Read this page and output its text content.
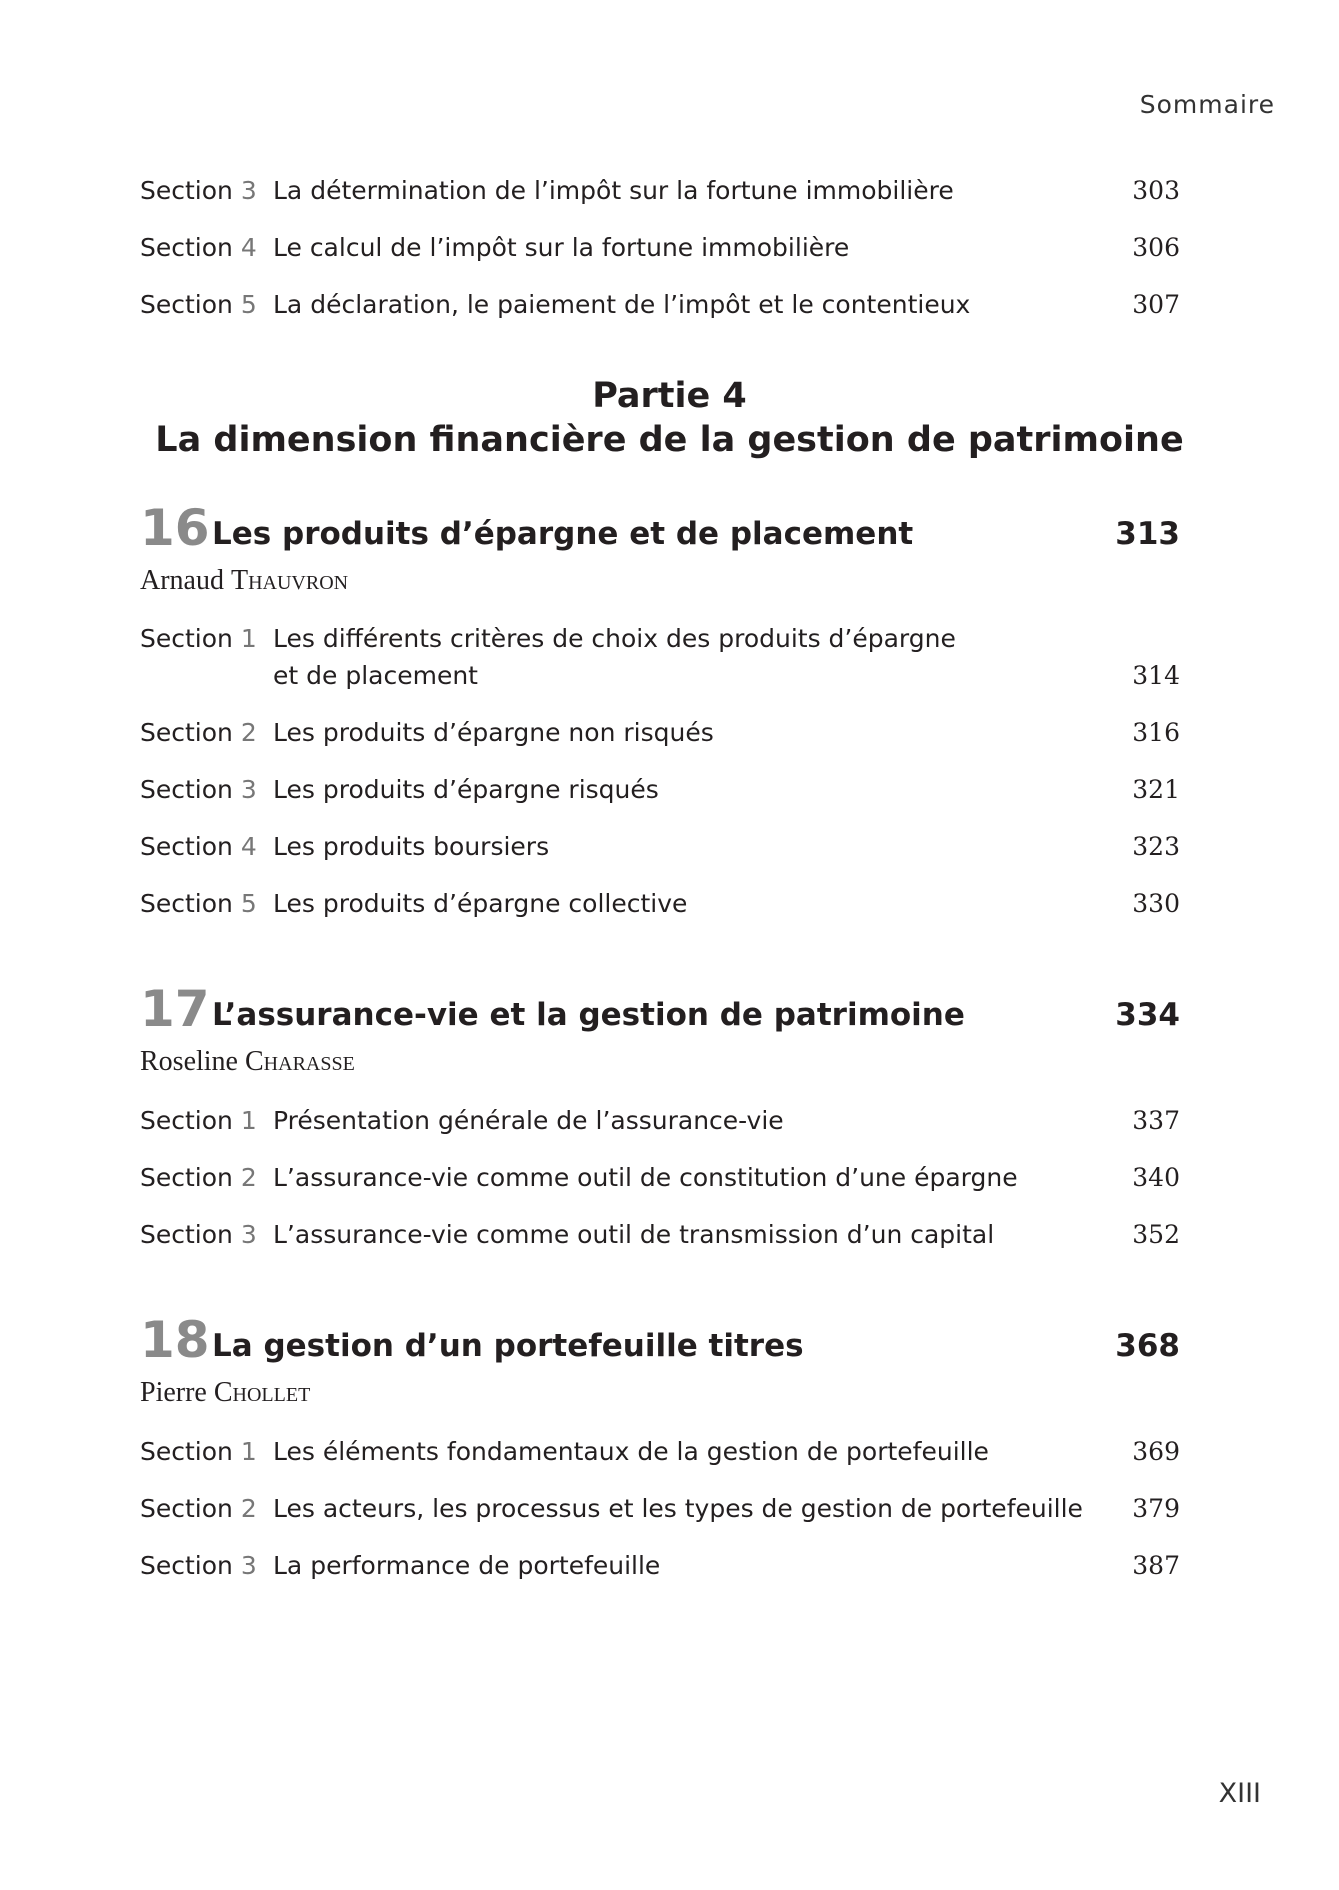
Sommaire
Section 3 La détermination de l’impôt sur la fortune immobilière	303
Section 4 Le calcul de l’impôt sur la fortune immobilière	306
Section 5 La déclaration, le paiement de l’impôt et le contentieux	307
16 Les produits d’épargne et de placement	313
Arnaud Thauvron
Section 1 Les différents critères de choix des produits d’épargne
et de placement	314
Section 2 Les produits d’épargne non risqués	316
Section 3 Les produits d’épargne risqués	321
Section 4 Les produits boursiers	323
Section 5 Les produits d’épargne collective	330
17 L’assurance-vie et la gestion de patrimoine	334
Roseline Charasse
Section 1 Présentation générale de l’assurance-vie	337
Section 2 L’assurance-vie comme outil de constitution d’une épargne	340
Section 3 L’assurance-vie comme outil de transmission d’un capital	352
18 La gestion d’un portefeuille titres	368
Pierre Chollet
Section 1 Les éléments fondamentaux de la gestion de portefeuille	369
Section 2 Les acteurs, les processus et les types de gestion de portefeuille 379
Section 3 La performance de portefeuille	387
Partie 4
La dimension financière de la gestion de patrimoine
XIII
